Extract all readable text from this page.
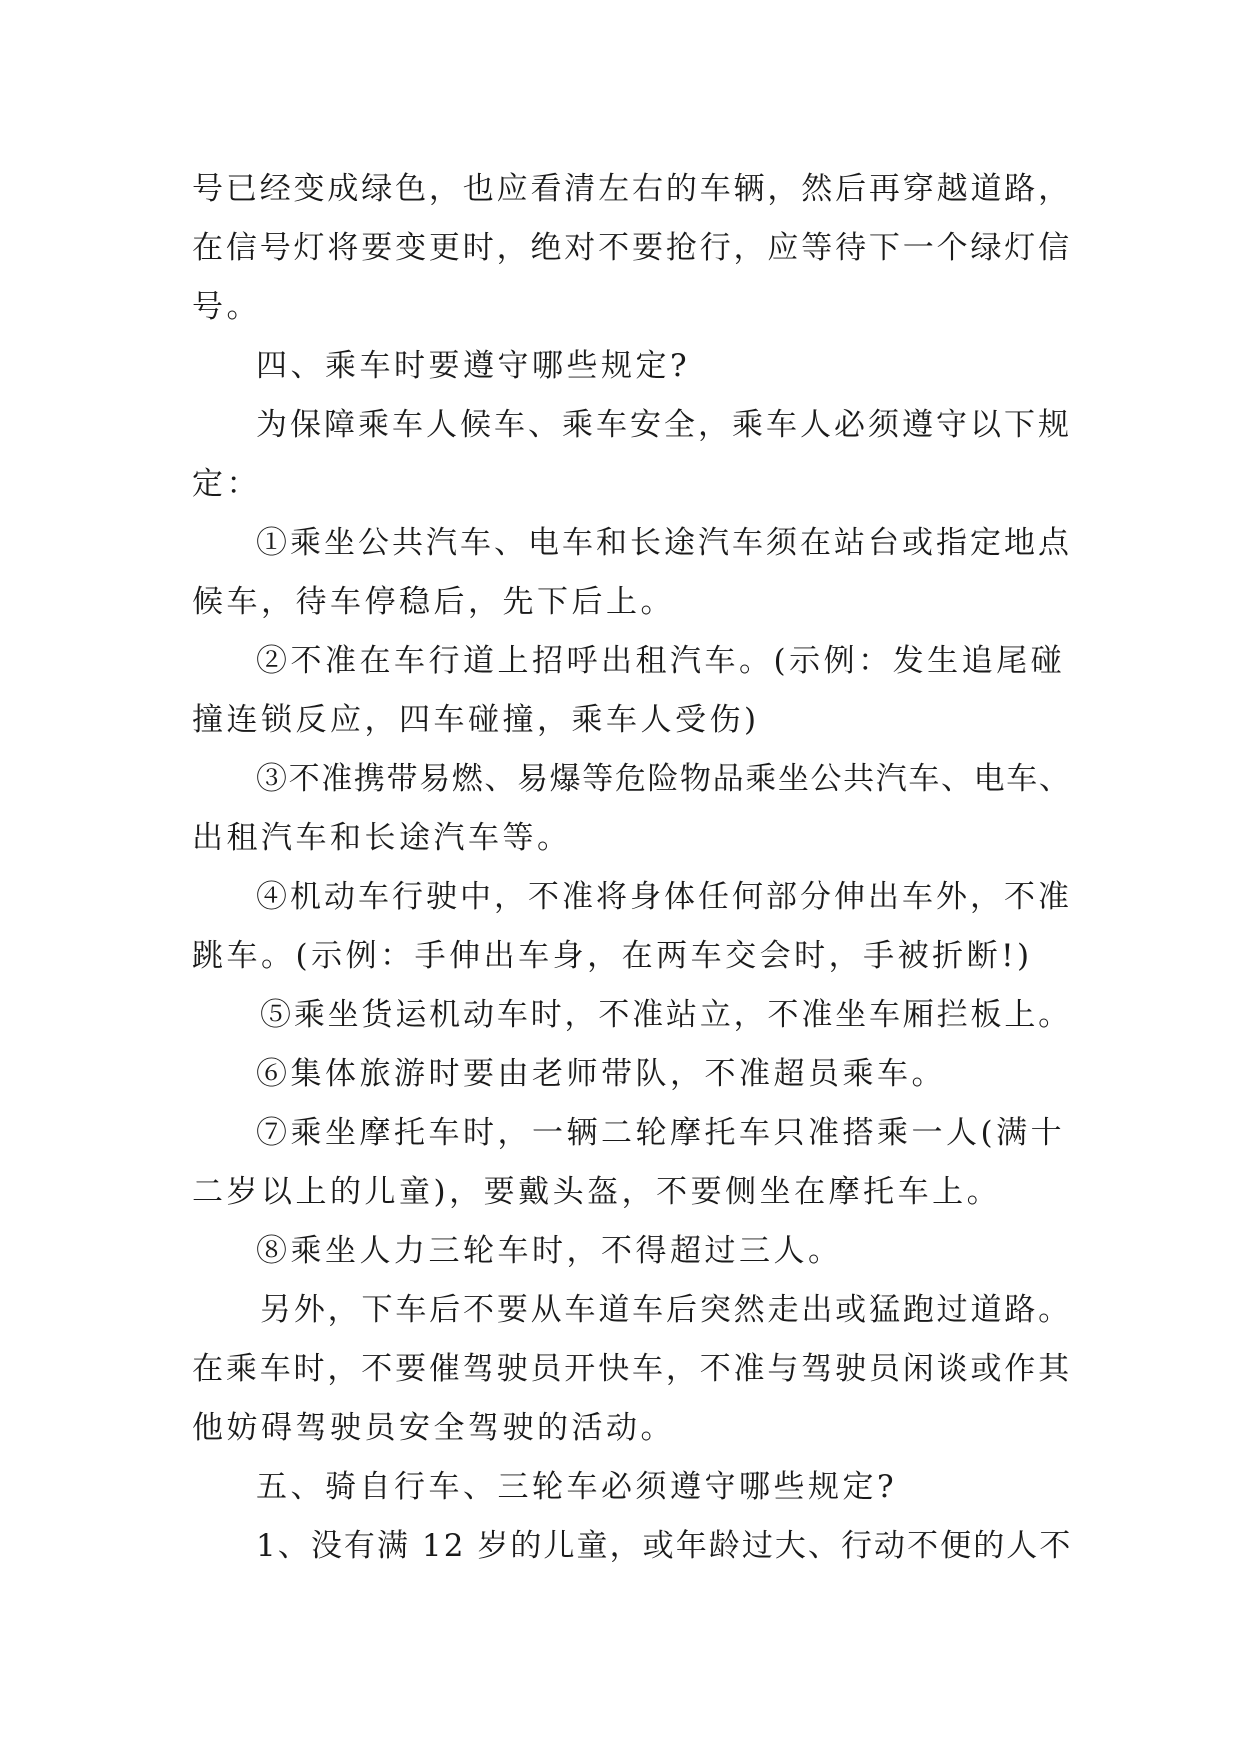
号已经变成绿色，也应看清左右的车辆，然后再穿越道路，
在信号灯将要变更时，绝对不要抢行，应等待下一个绿灯信
号。
四、乘车时要遵守哪些规定?
为保障乘车人候车、乘车安全，乘车人必须遵守以下规
定：
①乘坐公共汽车、电车和长途汽车须在站台或指定地点
候车，待车停稳后，先下后上。
②不准在车行道上招呼出租汽车。(示例：发生追尾碰
撞连锁反应，四车碰撞，乘车人受伤)
③不准携带易燃、易爆等危险物品乘坐公共汽车、电车、
出租汽车和长途汽车等。
④机动车行驶中，不准将身体任何部分伸出车外，不准
跳车。(示例：手伸出车身，在两车交会时，手被折断!)
⑤乘坐货运机动车时，不准站立，不准坐车厢拦板上。
⑥集体旅游时要由老师带队，不准超员乘车。
⑦乘坐摩托车时，一辆二轮摩托车只准搭乘一人(满十
二岁以上的儿童)，要戴头盔，不要侧坐在摩托车上。
⑧乘坐人力三轮车时，不得超过三人。
另外，下车后不要从车道车后突然走出或猛跑过道路。
在乘车时，不要催驾驶员开快车，不准与驾驶员闲谈或作其
他妨碍驾驶员安全驾驶的活动。
五、骑自行车、三轮车必须遵守哪些规定?
1、没有满 12 岁的儿童，或年龄过大、行动不便的人不
